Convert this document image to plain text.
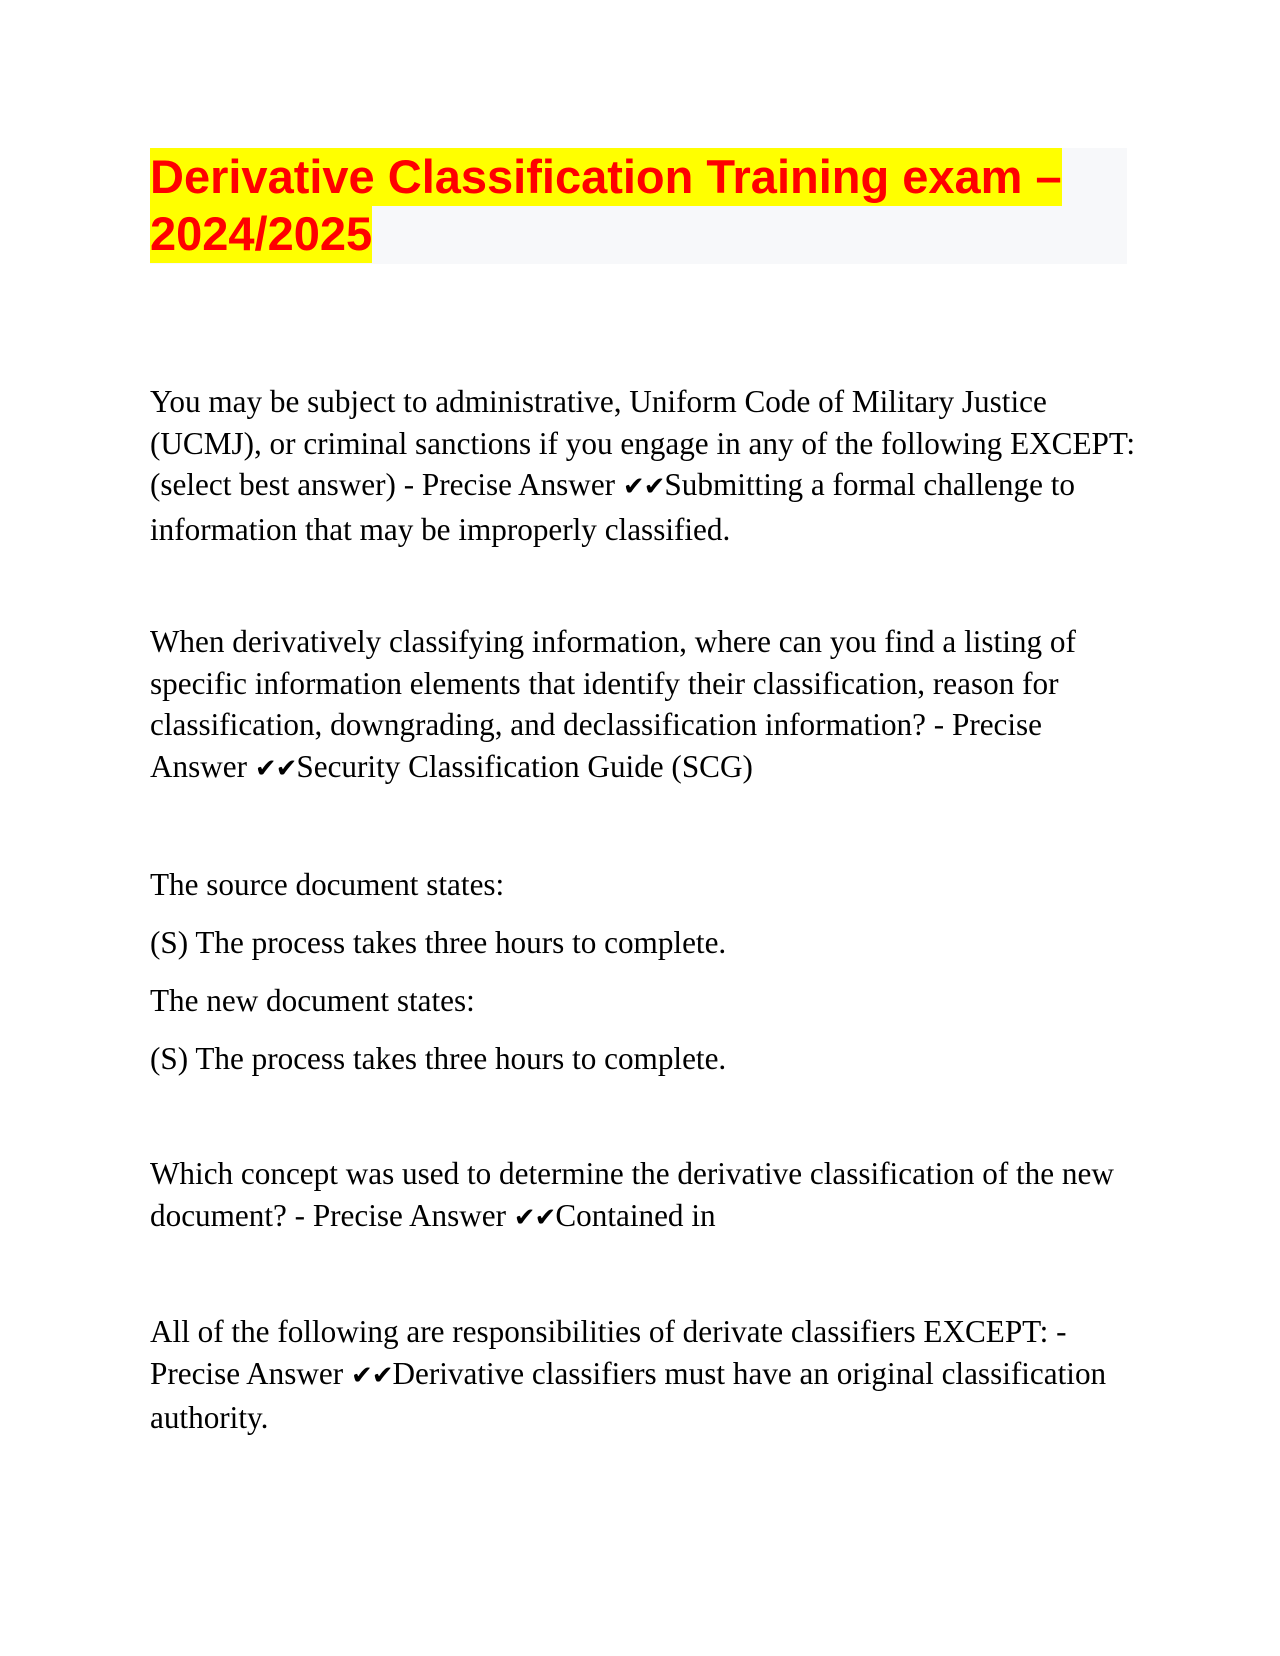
Derivative Classification Training exam – 2024/2025

You may be subject to administrative, Uniform Code of Military Justice (UCMJ), or criminal sanctions if you engage in any of the following EXCEPT: (select best answer) - Precise Answer ✔✔Submitting a formal challenge to information that may be improperly classified.

When derivatively classifying information, where can you find a listing of specific information elements that identify their classification, reason for classification, downgrading, and declassification information? - Precise Answer ✔✔Security Classification Guide (SCG)

The source document states:

(S) The process takes three hours to complete.

The new document states:

(S) The process takes three hours to complete.

Which concept was used to determine the derivative classification of the new document? - Precise Answer ✔✔Contained in

All of the following are responsibilities of derivate classifiers EXCEPT: - Precise Answer ✔✔Derivative classifiers must have an original classification authority.
